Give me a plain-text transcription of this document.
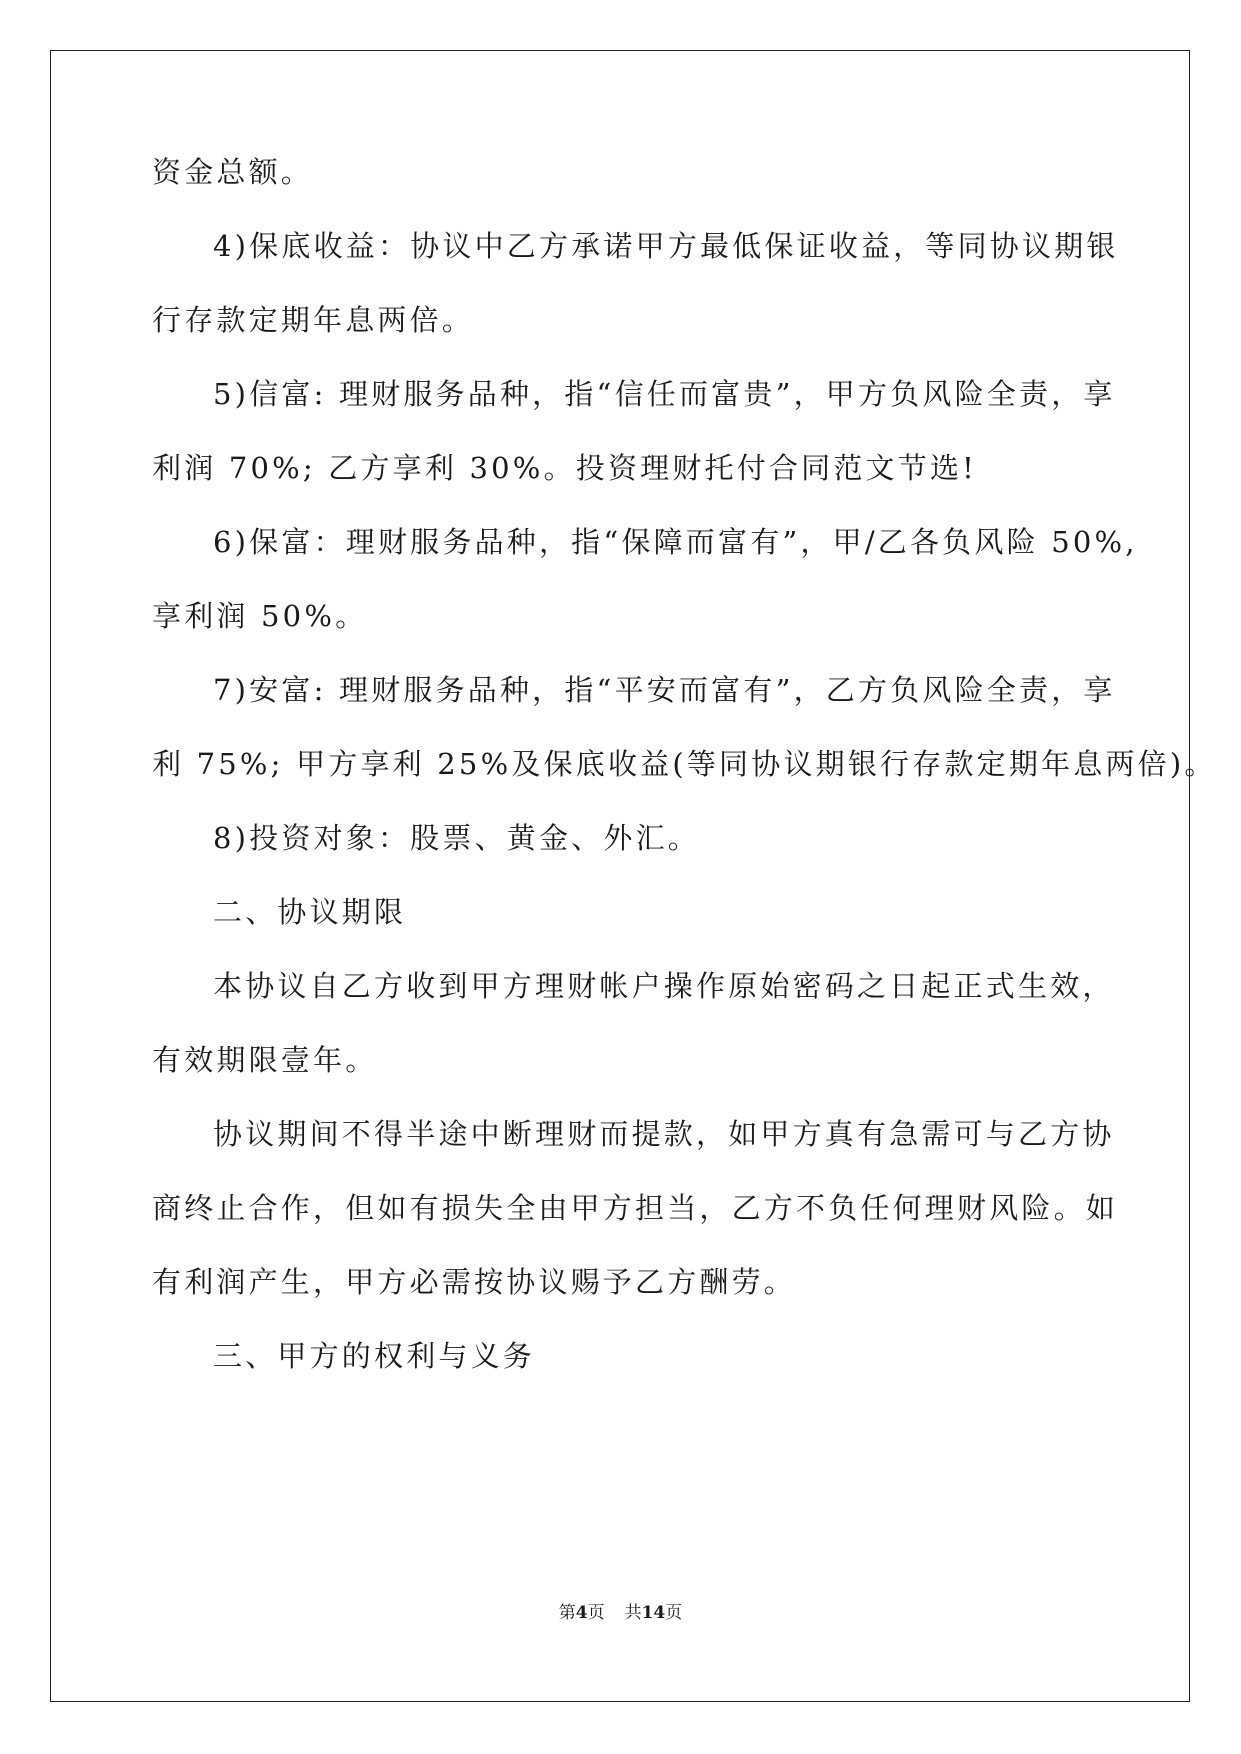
资金总额。
4)保底收益：协议中乙方承诺甲方最低保证收益，等同协议期银
行存款定期年息两倍。
5)信富: 理财服务品种，指“信任而富贵”，甲方负风险全责，享
利润 70%; 乙方享利 30%。投资理财托付合同范文节选!
6)保富：理财服务品种，指“保障而富有”，甲/乙各负风险 50%,
享利润 50%。
7)安富: 理财服务品种，指“平安而富有”，乙方负风险全责，享
利 75%; 甲方享利 25%及保底收益(等同协议期银行存款定期年息两倍)。
8)投资对象：股票、黄金、外汇。
二、协议期限
本协议自乙方收到甲方理财帐户操作原始密码之日起正式生效，
有效期限壹年。
协议期间不得半途中断理财而提款，如甲方真有急需可与乙方协
商终止合作，但如有损失全由甲方担当，乙方不负任何理财风险。如
有利润产生，甲方必需按协议赐予乙方酬劳。
三、甲方的权利与义务
第4页 共14页
